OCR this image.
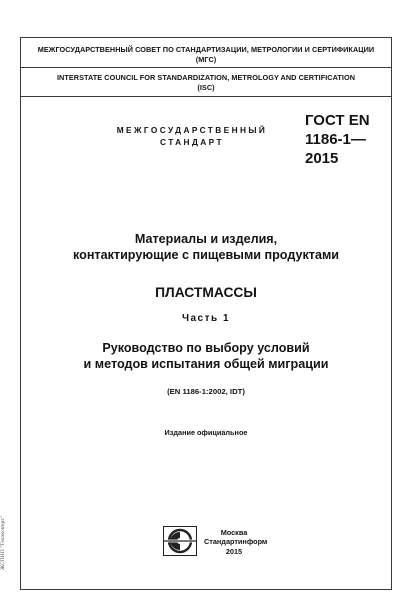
МЕЖГОСУДАРСТВЕННЫЙ СОВЕТ ПО СТАНДАРТИЗАЦИИ, МЕТРОЛОГИИ И СЕРТИФИКАЦИИ
(МГС)
INTERSTATE COUNCIL FOR STANDARDIZATION, METROLOGY AND CERTIFICATION
(ISC)
МЕЖГОСУДАРСТВЕННЫЙ
СТАНДАРТ
ГОСТ EN
1186-1—
2015
Материалы и изделия,
контактирующие с пищевыми продуктами
ПЛАСТМАССЫ
Часть 1
Руководство по выбору условий
и методов испытания общей миграции
(EN 1186-1:2002, IDT)
Издание официальное
Москва
Стандартинформ
2015
ЖСПНП "Техэксперт"
